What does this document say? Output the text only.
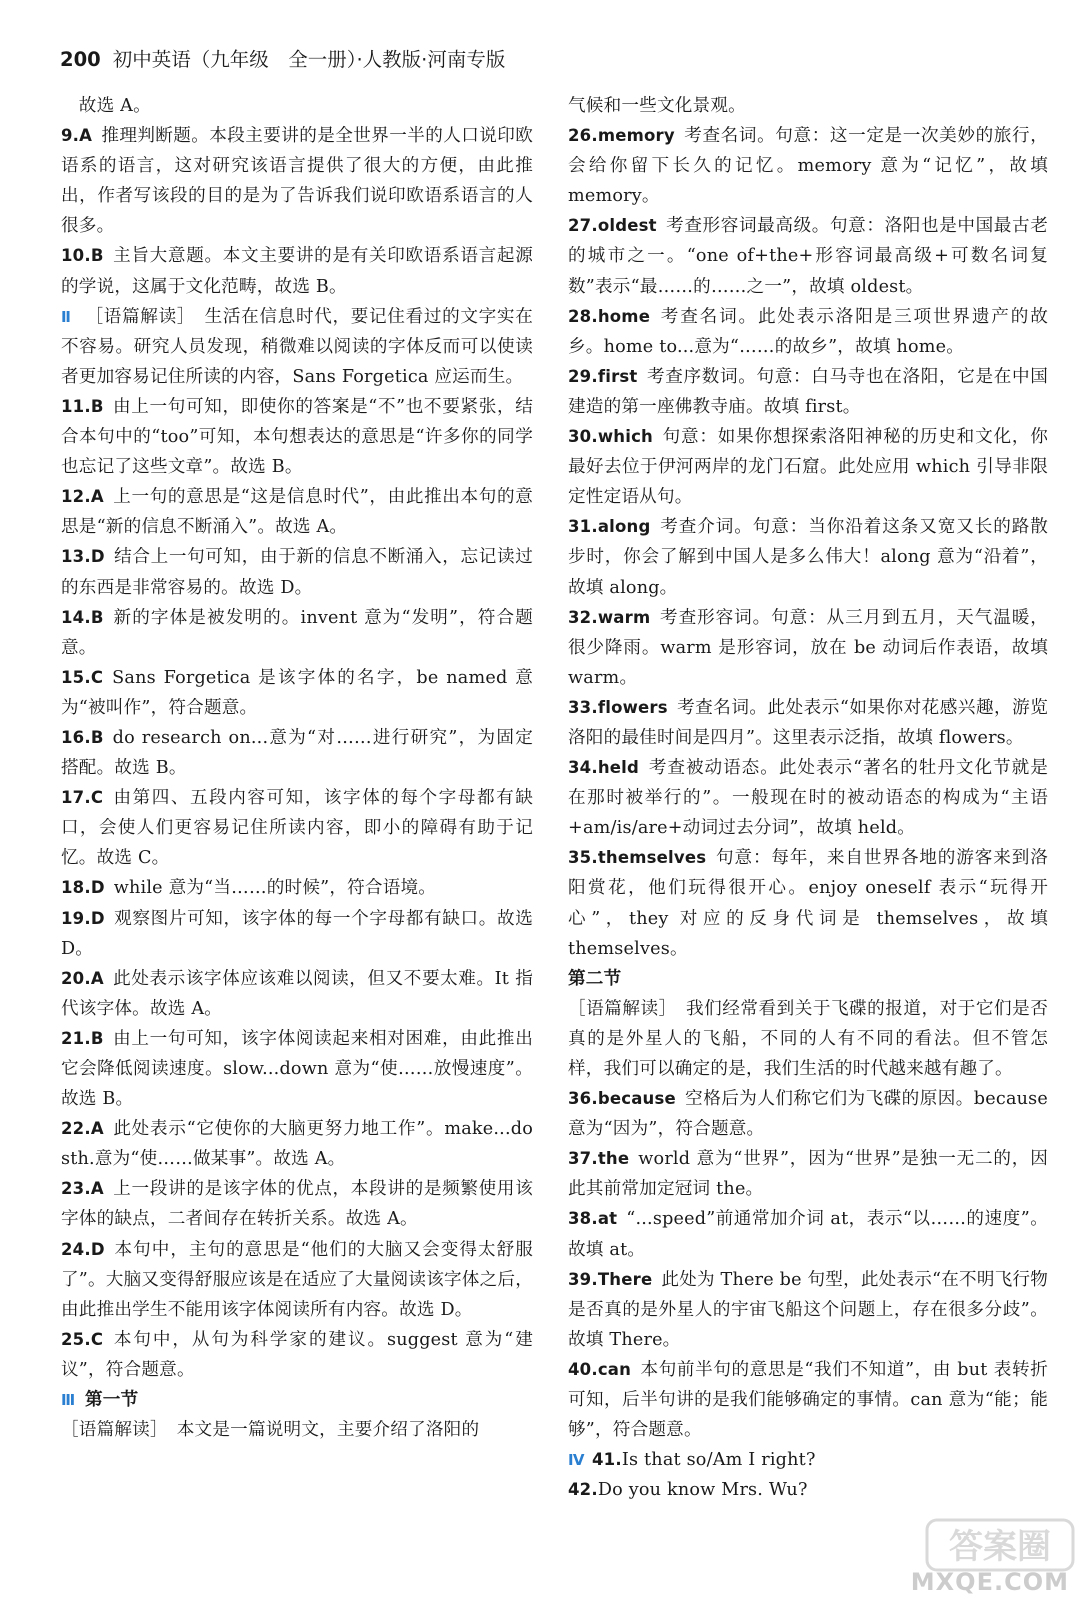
200 初中英语（九年级　全一册）·人教版·河南专版

 故选 A。

9.A  推理判断题。本段主要讲的是全世界一半的人口说印欧语系的语言，这对研究该语言提供了很大的方便，由此推出，作者写该段的目的是为了告诉我们说印欧语系语言的人很多。

10.B  主旨大意题。本文主要讲的是有关印欧语系语言起源的学说，这属于文化范畴，故选 B。

Ⅱ ［语篇解读］  生活在信息时代，要记住看过的文字实在不容易。研究人员发现，稍微难以阅读的字体反而可以使读者更加容易记住所读的内容，Sans Forgetica 应运而生。

11.B  由上一句可知，即使你的答案是“不”也不要紧张，结合本句中的“too”可知，本句想表达的意思是“许多你的同学也忘记了这些文章”。故选 B。

12.A  上一句的意思是“这是信息时代”，由此推出本句的意思是“新的信息不断涌入”。故选 A。

13.D  结合上一句可知，由于新的信息不断涌入，忘记读过的东西是非常容易的。故选 D。

14.B  新的字体是被发明的。invent 意为“发明”，符合题意。

15.C  Sans Forgetica 是该字体的名字，be named 意为“被叫作”，符合题意。

16.B  do research on...意为“对……进行研究”，为固定搭配。故选 B。

17.C  由第四、五段内容可知，该字体的每个字母都有缺口，会使人们更容易记住所读内容，即小的障碍有助于记忆。故选 C。

18.D  while 意为“当……的时候”，符合语境。

19.D  观察图片可知，该字体的每一个字母都有缺口。故选 D。

20.A  此处表示该字体应该难以阅读，但又不要太难。It 指代该字体。故选 A。

21.B  由上一句可知，该字体阅读起来相对困难，由此推出它会降低阅读速度。slow...down 意为“使……放慢速度”。故选 B。

22.A  此处表示“它使你的大脑更努力地工作”。make...do sth.意为“使……做某事”。故选 A。

23.A  上一段讲的是该字体的优点，本段讲的是频繁使用该字体的缺点，二者间存在转折关系。故选 A。

24.D  本句中，主句的意思是“他们的大脑又会变得太舒服了”。大脑又变得舒服应该是在适应了大量阅读该字体之后，由此推出学生不能用该字体阅读所有内容。故选 D。

25.C  本句中，从句为科学家的建议。suggest 意为“建议”，符合题意。

Ⅲ 第一节

［语篇解读］  本文是一篇说明文，主要介绍了洛阳的

气候和一些文化景观。

26.memory  考查名词。句意：这一定是一次美妙的旅行，会给你留下长久的记忆。memory 意为“记忆”，故填 memory。

27.oldest  考查形容词最高级。句意：洛阳也是中国最古老的城市之一。“one of+the+形容词最高级+可数名词复数”表示“最……的……之一”，故填 oldest。

28.home  考查名词。此处表示洛阳是三项世界遗产的故乡。home to...意为“……的故乡”，故填 home。

29.first  考查序数词。句意：白马寺也在洛阳，它是在中国建造的第一座佛教寺庙。故填 first。

30.which  句意：如果你想探索洛阳神秘的历史和文化，你最好去位于伊河两岸的龙门石窟。此处应用 which 引导非限定性定语从句。

31.along  考查介词。句意：当你沿着这条又宽又长的路散步时，你会了解到中国人是多么伟大！along 意为“沿着”，故填 along。

32.warm  考查形容词。句意：从三月到五月，天气温暖，很少降雨。warm 是形容词，放在 be 动词后作表语，故填 warm。

33.flowers  考查名词。此处表示“如果你对花感兴趣，游览洛阳的最佳时间是四月”。这里表示泛指，故填 flowers。

34.held  考查被动语态。此处表示“著名的牡丹文化节就是在那时被举行的”。一般现在时的被动语态的构成为“主语+am/is/are+动词过去分词”，故填 held。

35.themselves  句意：每年，来自世界各地的游客来到洛阳赏花，他们玩得很开心。enjoy oneself 表示“玩得开心”，they 对应的反身代词是 themselves，故填 themselves。

第二节

［语篇解读］  我们经常看到关于飞碟的报道，对于它们是否真的是外星人的飞船，不同的人有不同的看法。但不管怎样，我们可以确定的是，我们生活的时代越来越有趣了。

36.because  空格后为人们称它们为飞碟的原因。because 意为“因为”，符合题意。

37.the  world 意为“世界”，因为“世界”是独一无二的，因此其前常加定冠词 the。

38.at  “...speed”前通常加介词 at，表示“以……的速度”。故填 at。

39.There  此处为 There be 句型，此处表示“在不明飞行物是否真的是外星人的宇宙飞船这个问题上，存在很多分歧”。故填 There。

40.can  本句前半句的意思是“我们不知道”，由 but 表转折可知，后半句讲的是我们能够确定的事情。can 意为“能；能够”，符合题意。

Ⅳ 41.Is that so/Am I right?

42.Do you know Mrs. Wu?

答案圈
MXQE.COM
